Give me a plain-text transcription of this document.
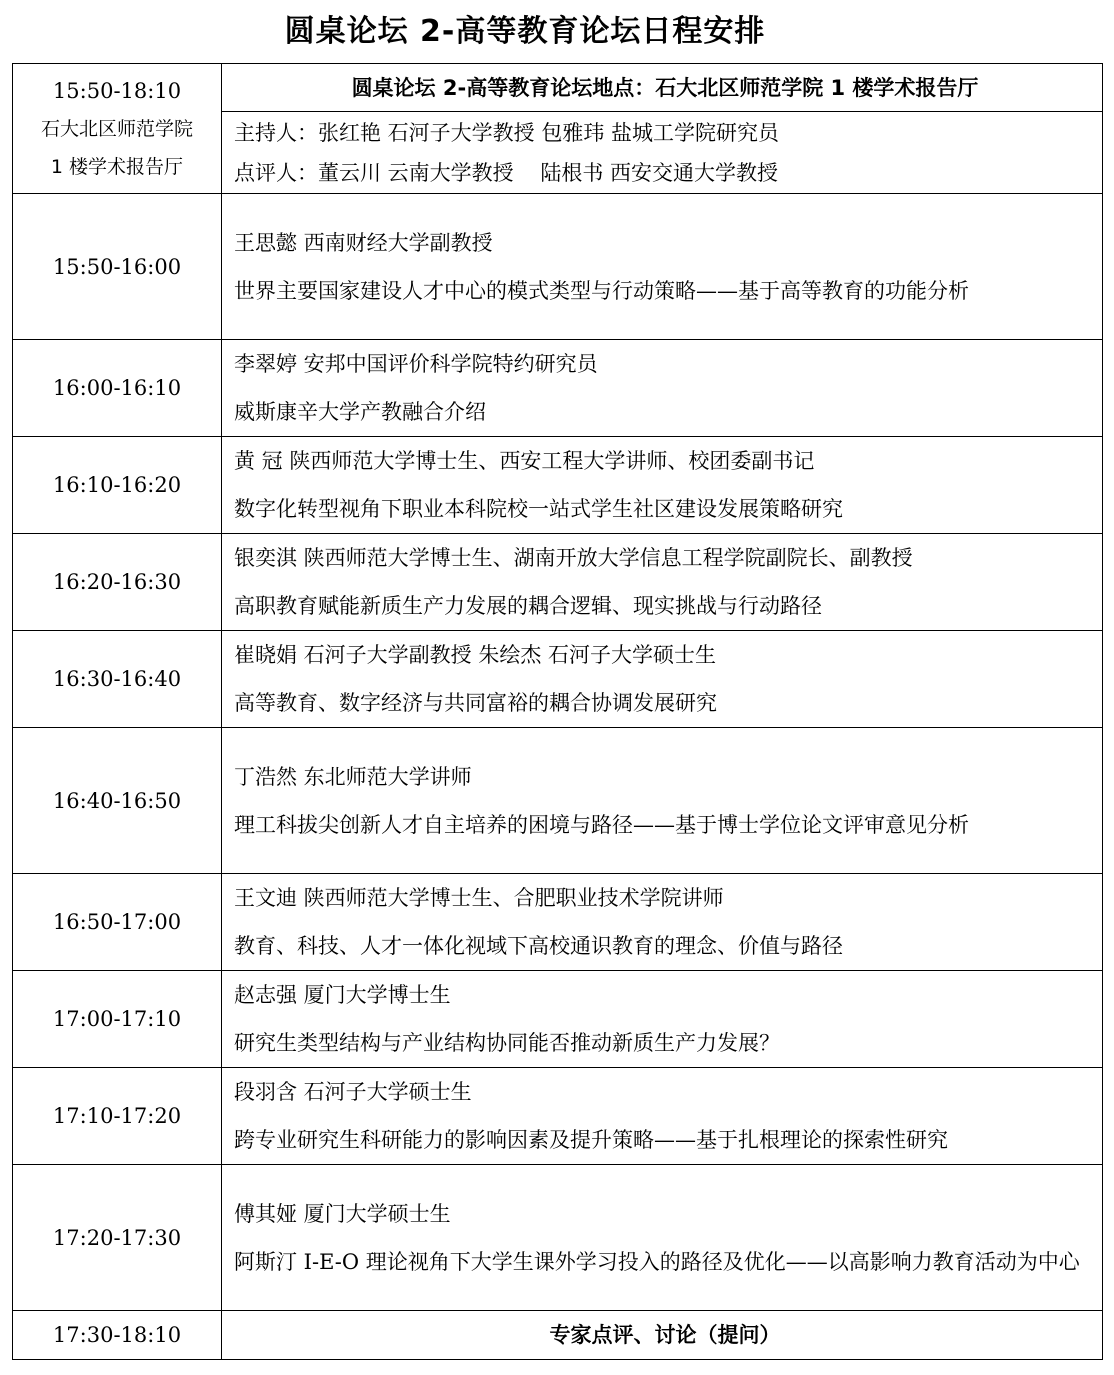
圆桌论坛 2-高等教育论坛日程安排
15:50-18:10
石大北区师范学院
1 楼学术报告厅	圆桌论坛 2-高等教育论坛地点：石大北区师范学院 1 楼学术报告厅

	主持人：张红艳 石河子大学教授 包雅玮 盐城工学院研究员
点评人：董云川 云南大学教授    陆根书 西安交通大学教授

15:50-16:00	王思懿 西南财经大学副教授
世界主要国家建设人才中心的模式类型与行动策略——基于高等教育的功能分析

16:00-16:10	李翠婷 安邦中国评价科学院特约研究员
威斯康辛大学产教融合介绍

16:10-16:20	黄 冠 陕西师范大学博士生、西安工程大学讲师、校团委副书记
数字化转型视角下职业本科院校一站式学生社区建设发展策略研究

16:20-16:30	银奕淇 陕西师范大学博士生、湖南开放大学信息工程学院副院长、副教授
高职教育赋能新质生产力发展的耦合逻辑、现实挑战与行动路径

16:30-16:40	崔晓娟 石河子大学副教授 朱绘杰 石河子大学硕士生
高等教育、数字经济与共同富裕的耦合协调发展研究

16:40-16:50	丁浩然 东北师范大学讲师
理工科拔尖创新人才自主培养的困境与路径——基于博士学位论文评审意见分析

16:50-17:00	王文迪 陕西师范大学博士生、合肥职业技术学院讲师
教育、科技、人才一体化视域下高校通识教育的理念、价值与路径

17:00-17:10	赵志强 厦门大学博士生
研究生类型结构与产业结构协同能否推动新质生产力发展？

17:10-17:20	段羽含 石河子大学硕士生
跨专业研究生科研能力的影响因素及提升策略——基于扎根理论的探索性研究

17:20-17:30	傅其娅 厦门大学硕士生
阿斯汀 I-E-O 理论视角下大学生课外学习投入的路径及优化——以高影响力教育活动为中心

17:30-18:10	专家点评、讨论（提问）
